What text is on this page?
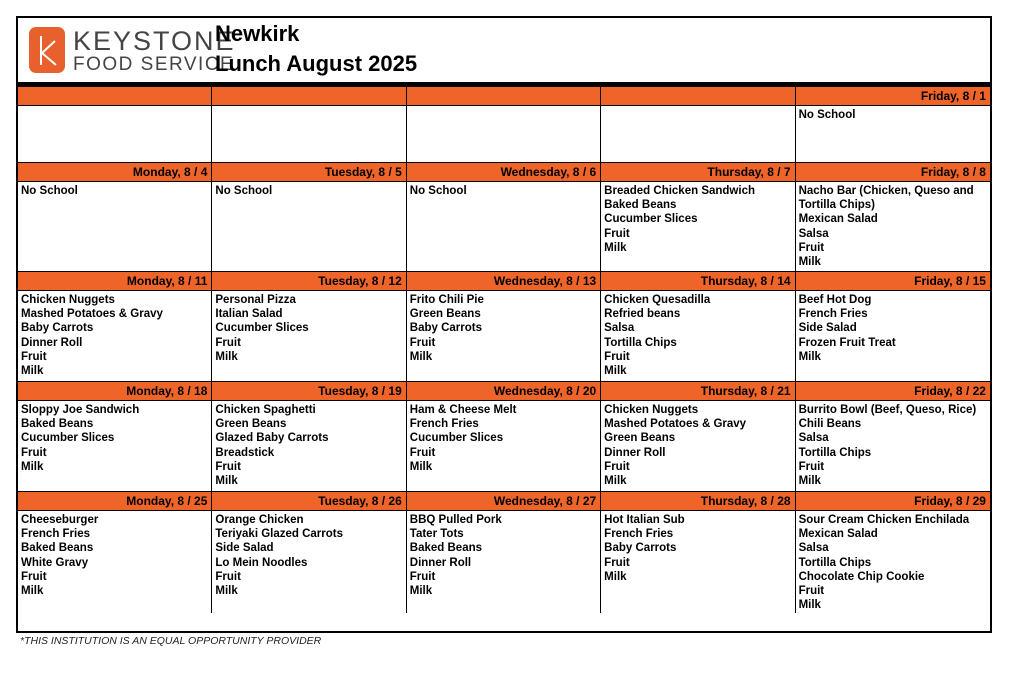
KEYSTONE
FOOD SERVICE
Newkirk
Lunch August 2025
Friday, 8 / 1
No School
Monday, 8 / 4
No School
Tuesday, 8 / 5
No School
Wednesday, 8 / 6
No School
Thursday, 8 / 7
Breaded Chicken Sandwich
Baked Beans
Cucumber Slices
Fruit
Milk
Friday, 8 / 8
Nacho Bar (Chicken, Queso and Tortilla Chips)
Mexican Salad
Salsa
Fruit
Milk
Monday, 8 / 11
Chicken Nuggets
Mashed Potatoes & Gravy
Baby Carrots
Dinner Roll
Fruit
Milk
Tuesday, 8 / 12
Personal Pizza
Italian Salad
Cucumber Slices
Fruit
Milk
Wednesday, 8 / 13
Frito Chili Pie
Green Beans
Baby Carrots
Fruit
Milk
Thursday, 8 / 14
Chicken Quesadilla
Refried beans
Salsa
Tortilla Chips
Fruit
Milk
Friday, 8 / 15
Beef Hot Dog
French Fries
Side Salad
Frozen Fruit Treat
Milk
Monday, 8 / 18
Sloppy Joe Sandwich
Baked Beans
Cucumber Slices
Fruit
Milk
Tuesday, 8 / 19
Chicken Spaghetti
Green Beans
Glazed Baby Carrots
Breadstick
Fruit
Milk
Wednesday, 8 / 20
Ham & Cheese Melt
French Fries
Cucumber Slices
Fruit
Milk
Thursday, 8 / 21
Chicken Nuggets
Mashed Potatoes & Gravy
Green Beans
Dinner Roll
Fruit
Milk
Friday, 8 / 22
Burrito Bowl (Beef, Queso, Rice)
Chili Beans
Salsa
Tortilla Chips
Fruit
Milk
Monday, 8 / 25
Cheeseburger
French Fries
Baked Beans
White Gravy
Fruit
Milk
Tuesday, 8 / 26
Orange Chicken
Teriyaki Glazed Carrots
Side Salad
Lo Mein Noodles
Fruit
Milk
Wednesday, 8 / 27
BBQ Pulled Pork
Tater Tots
Baked Beans
Dinner Roll
Fruit
Milk
Thursday, 8 / 28
Hot Italian Sub
French Fries
Baby Carrots
Fruit
Milk
Friday, 8 / 29
Sour Cream Chicken Enchilada
Mexican Salad
Salsa
Tortilla Chips
Chocolate Chip Cookie
Fruit
Milk
*THIS INSTITUTION IS AN EQUAL OPPORTUNITY PROVIDER
